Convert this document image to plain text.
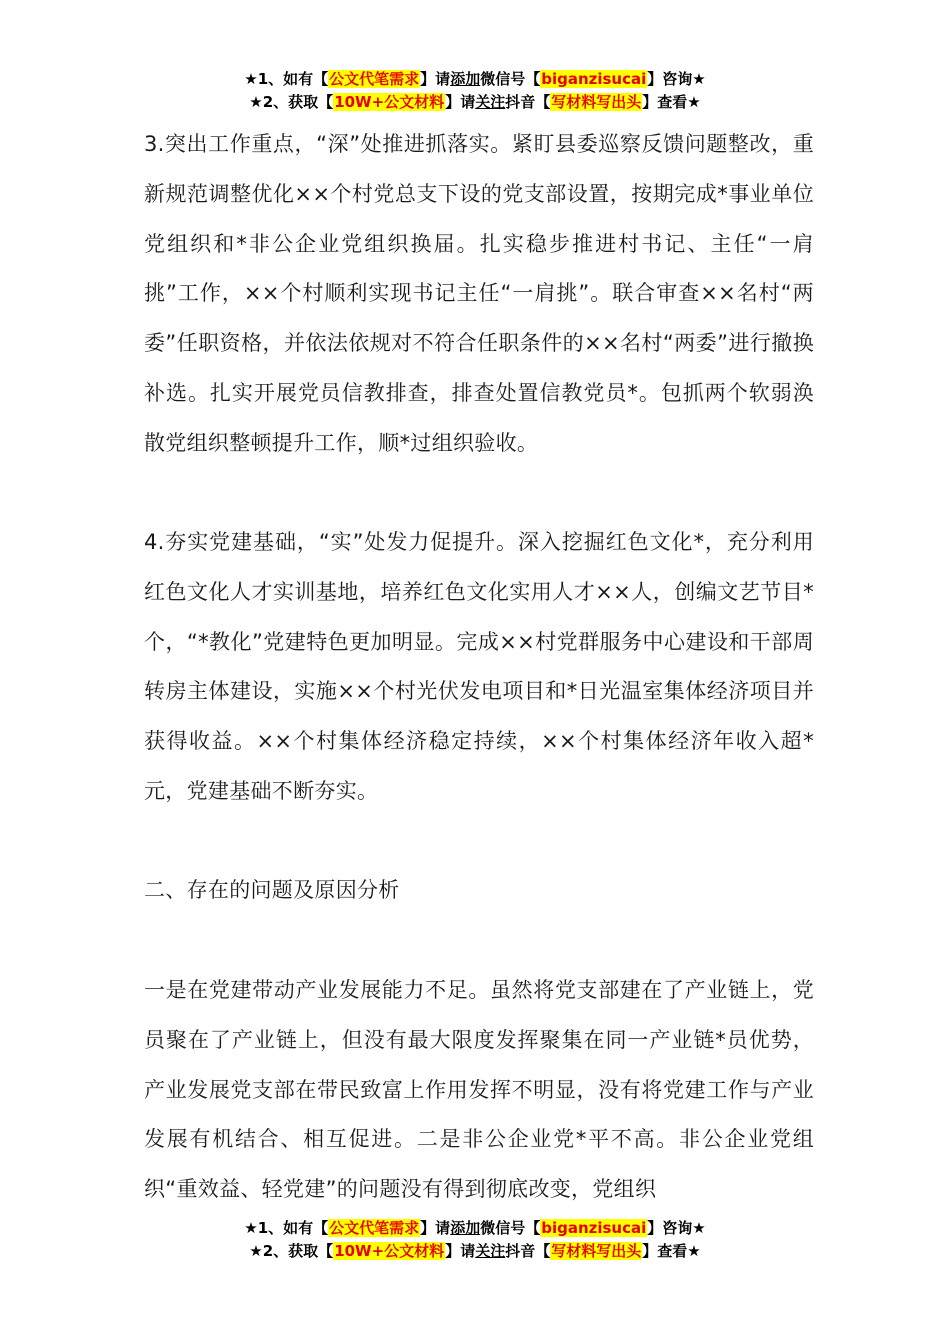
★1、如有【公文代笔需求】请添加微信号【biganzisucai】咨询★
★2、获取【10W+公文材料】请关注抖音【写材料写出头】查看★

3.突出工作重点，“深”处推进抓落实。紧盯县委巡察反馈问题整改，重新规范调整优化××个村党总支下设的党支部设置，按期完成*事业单位党组织和*非公企业党组织换届。扎实稳步推进村书记、主任“一肩挑”工作，××个村顺利实现书记主任“一肩挑”。联合审查××名村“两委”任职资格，并依法依规对不符合任职条件的××名村“两委”进行撤换补选。扎实开展党员信教排查，排查处置信教党员*。包抓两个软弱涣散党组织整顿提升工作，顺*过组织验收。

4.夯实党建基础，“实”处发力促提升。深入挖掘红色文化*，充分利用红色文化人才实训基地，培养红色文化实用人才××人，创编文艺节目*个，“*教化”党建特色更加明显。完成××村党群服务中心建设和干部周转房主体建设，实施××个村光伏发电项目和*日光温室集体经济项目并获得收益。××个村集体经济稳定持续，××个村集体经济年收入超*元，党建基础不断夯实。

二、存在的问题及原因分析

一是在党建带动产业发展能力不足。虽然将党支部建在了产业链上，党员聚在了产业链上，但没有最大限度发挥聚集在同一产业链*员优势，产业发展党支部在带民致富上作用发挥不明显，没有将党建工作与产业发展有机结合、相互促进。二是非公企业党*平不高。非公企业党组织“重效益、轻党建”的问题没有得到彻底改变，党组织

★1、如有【公文代笔需求】请添加微信号【biganzisucai】咨询★
★2、获取【10W+公文材料】请关注抖音【写材料写出头】查看★
